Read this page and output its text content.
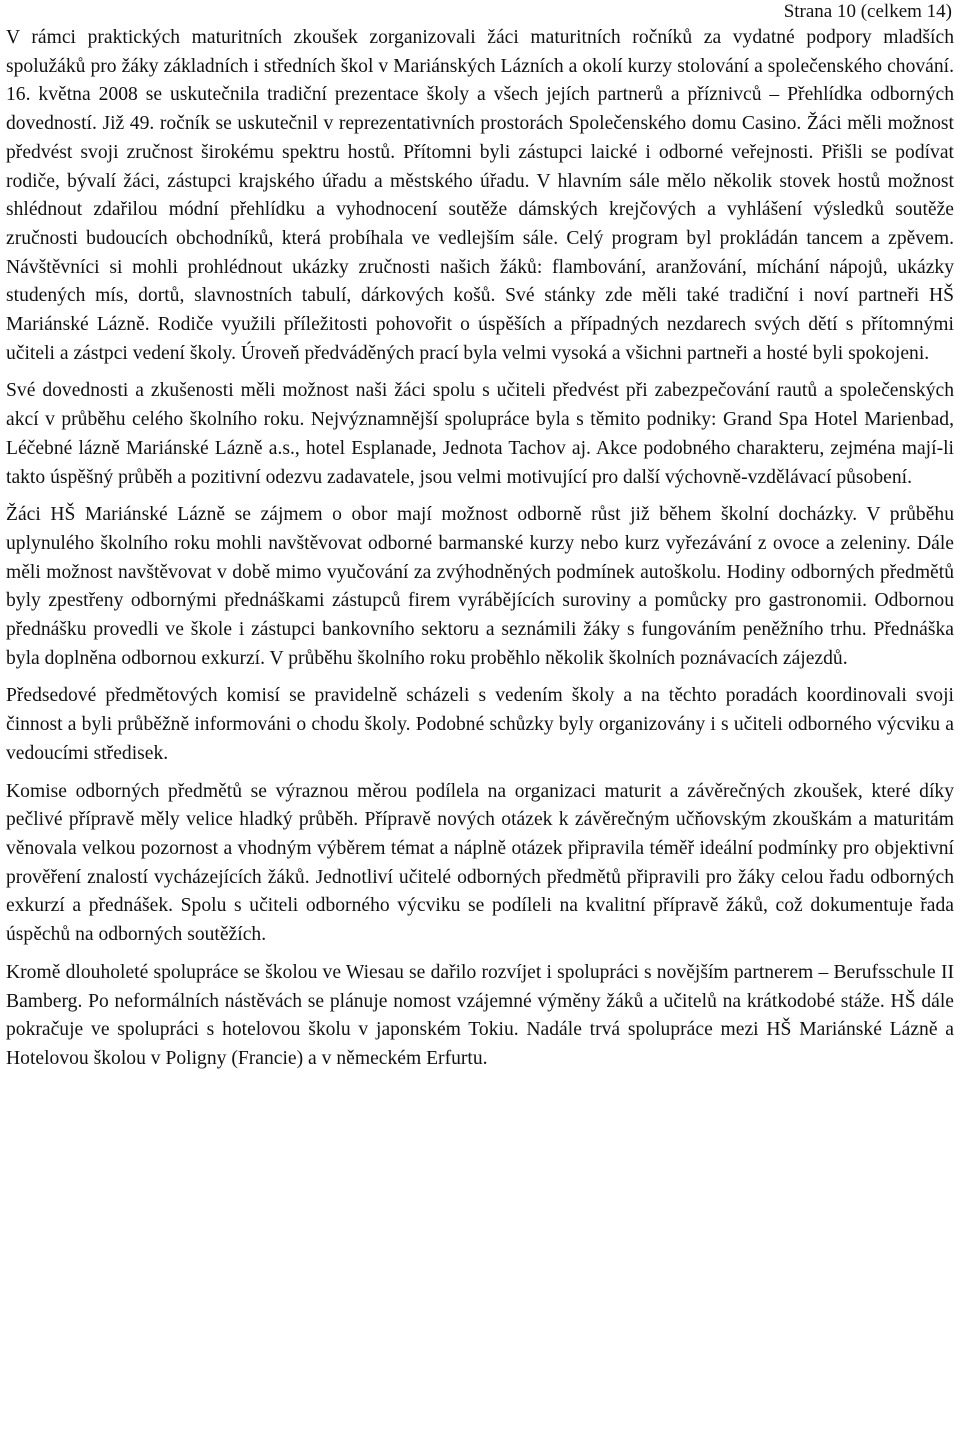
Strana 10 (celkem 14)

V rámci praktických maturitních zkoušek zorganizovali žáci maturitních ročníků za vydatné podpory mladších spolužáků pro žáky základních i středních škol v Mariánských Lázních a okolí kurzy stolování a společenského chování. 16. května 2008 se uskutečnila tradiční prezentace školy a všech jejích partnerů a příznivců – Přehlídka odborných dovedností. Již 49. ročník se uskutečnil v reprezentativních prostorách Společenského domu Casino. Žáci měli možnost předvést svoji zručnost širokému spektru hostů. Přítomni byli zástupci laické i odborné veřejnosti. Přišli se podívat rodiče, bývalí žáci, zástupci krajského úřadu a městského úřadu. V hlavním sále mělo několik stovek hostů možnost shlédnout zdařilou módní přehlídku a vyhodnocení soutěže dámských krejčových a vyhlášení výsledků soutěže zručnosti budoucích obchodníků, která probíhala ve vedlejším sále. Celý program byl prokládán tancem a zpěvem. Návštěvníci si mohli prohlédnout ukázky zručnosti našich žáků: flambování, aranžování, míchání nápojů, ukázky studených mís, dortů, slavnostních tabulí, dárkových košů. Své stánky zde měli také tradiční i noví partneři HŠ Mariánské Lázně. Rodiče využili příležitosti pohovořit o úspěších a případných nezdarech svých dětí s přítomnými učiteli a zástpci vedení školy. Úroveň předváděných prací byla velmi vysoká a všichni partneři a hosté byli spokojeni.

Své dovednosti a zkušenosti měli možnost naši žáci spolu s učiteli předvést při zabezpečování rautů a společenských akcí v průběhu celého školního roku. Nejvýznamnější spolupráce byla s těmito podniky: Grand Spa Hotel Marienbad, Léčebné lázně Mariánské Lázně a.s., hotel Esplanade, Jednota Tachov aj. Akce podobného charakteru, zejména mají-li takto úspěšný průběh a pozitivní odezvu zadavatele, jsou velmi motivující pro další výchovně-vzdělávací působení.

Žáci HŠ Mariánské Lázně se zájmem o obor mají možnost odborně růst již během školní docházky. V průběhu uplynulého školního roku mohli navštěvovat odborné barmanské kurzy nebo kurz vyřezávání z ovoce a zeleniny. Dále měli možnost navštěvovat v době mimo vyučování za zvýhodněných podmínek autoškolu. Hodiny odborných předmětů byly zpestřeny odbornými přednáškami zástupců firem vyrábějících suroviny a pomůcky pro gastronomii. Odbornou přednášku provedli ve škole i zástupci bankovního sektoru a seznámili žáky s fungováním peněžního trhu. Přednáška byla doplněna odbornou exkurzí. V průběhu školního roku proběhlo několik školních poznávacích zájezdů.

Předsedové předmětových komisí se pravidelně scházeli s vedením školy a na těchto poradách koordinovali svoji činnost a byli průběžně informováni o chodu školy. Podobné schůzky byly organizovány i s učiteli odborného výcviku a vedoucími středisek.

Komise odborných předmětů se výraznou měrou podílela na organizaci maturit a závěrečných zkoušek, které díky pečlivé přípravě měly velice hladký průběh. Přípravě nových otázek k závěrečným učňovským zkouškám a maturitám věnovala velkou pozornost a vhodným výběrem témat a náplně otázek připravila téměř ideální podmínky pro objektivní prověření znalostí vycházejících žáků. Jednotliví učitelé odborných předmětů připravili pro žáky celou řadu odborných exkurzí a přednášek. Spolu s učiteli odborného výcviku se podíleli na kvalitní přípravě žáků, což dokumentuje řada úspěchů na odborných soutěžích.

Kromě dlouholeté spolupráce se školou ve Wiesau se dařilo rozvíjet i spolupráci s novějším partnerem – Berufsschule II Bamberg. Po neformálních nástěvách se plánuje nomost vzájemné výměny žáků a učitelů na krátkodobé stáže. HŠ dále pokračuje ve spolupráci s hotelovou školu v japonském Tokiu. Nadále trvá spolupráce mezi HŠ Mariánské Lázně a Hotelovou školou v Poligny (Francie) a v německém Erfurtu.
